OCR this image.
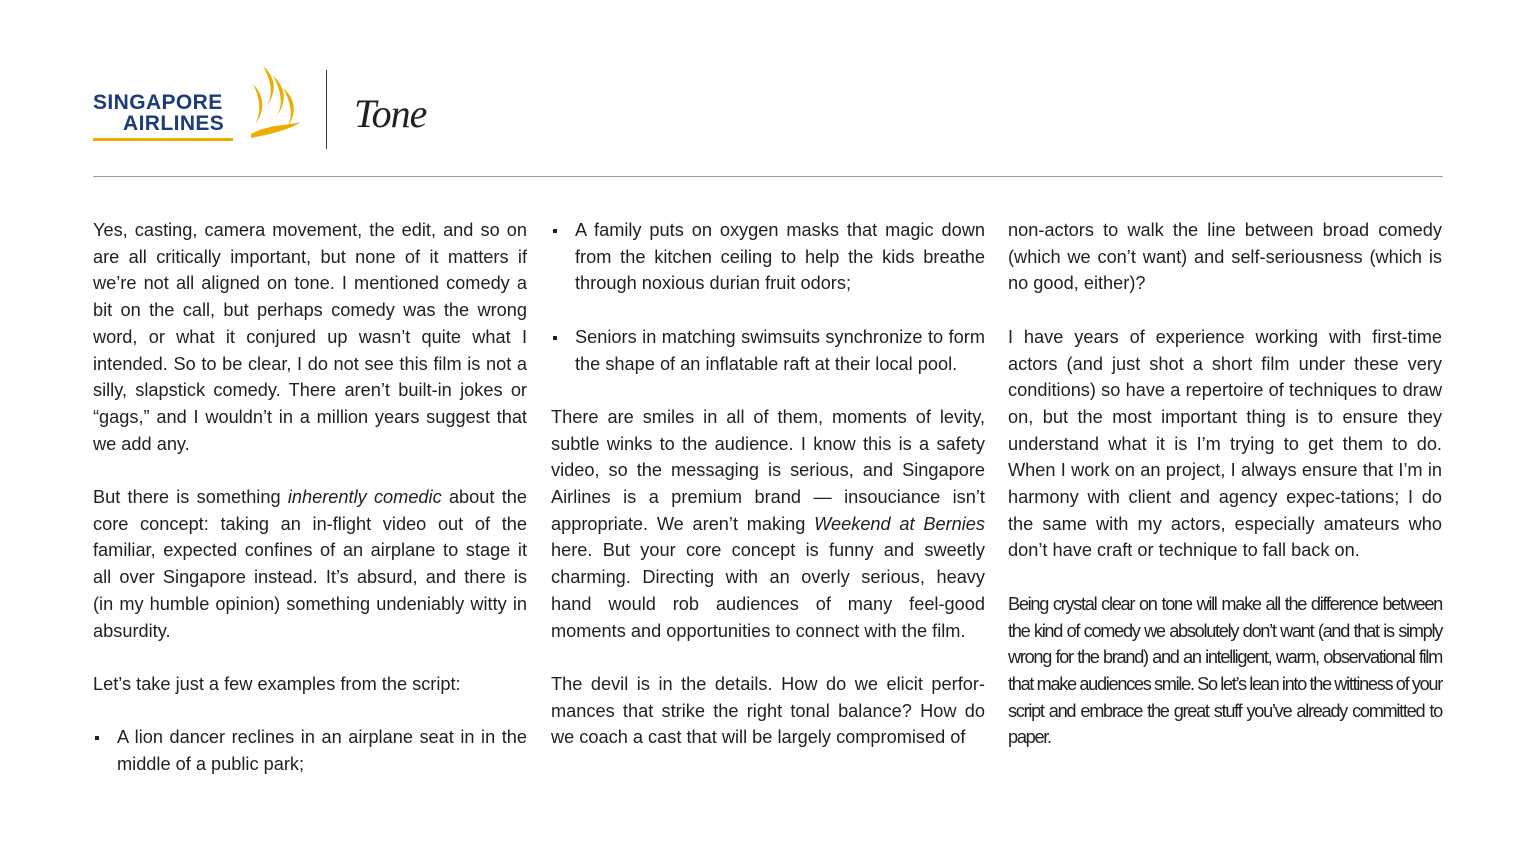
SINGAPORE
AIRLINES	Tone

Yes, casting, camera movement, the edit, and so on are all critically important, but none of it matters if we’re not all aligned on tone. I mentioned comedy a bit on the call, but perhaps comedy was the wrong word, or what it conjured up wasn’t quite what I intended. So to be clear, I do not see this film is not a silly, slapstick comedy. There aren’t built-in jokes or “gags,” and I wouldn’t in a million years suggest that we add any.

But there is something inherently comedic about the core concept: taking an in-flight video out of the familiar, expected confines of an airplane to stage it all over Singapore instead. It’s absurd, and there is (in my humble opinion) something undeniably witty in absurdity.

Let’s take just a few examples from the script:

A lion dancer reclines in an airplane seat in in the middle of a public park;
A family puts on oxygen masks that magic down from the kitchen ceiling to help the kids breathe through noxious durian fruit odors;
Seniors in matching swimsuits synchronize to form the shape of an inflatable raft at their local pool.

There are smiles in all of them, moments of levity, subtle winks to the audience. I know this is a safety video, so the messaging is serious, and Singapore Airlines is a premium brand — insouciance isn’t appropriate. We aren’t making Weekend at Bernies here. But your core concept is funny and sweetly charming. Directing with an overly serious, heavy hand would rob audiences of many feel-good moments and opportunities to connect with the film.

The devil is in the details. How do we elicit perfor-mances that strike the right tonal balance? How do we coach a cast that will be largely compromised of

non-actors to walk the line between broad comedy (which we con’t want) and self-seriousness (which is no good, either)?

I have years of experience working with first-time actors (and just shot a short film under these very conditions) so have a repertoire of techniques to draw on, but the most important thing is to ensure they understand what it is I’m trying to get them to do. When I work on an project, I always ensure that I’m in harmony with client and agency expec-tations; I do the same with my actors, especially amateurs who don’t have craft or technique to fall back on.

Being crystal clear on tone will make all the difference between the kind of comedy we absolutely don’t want (and that is simply wrong for the brand) and an intelligent, warm, observational film that make audiences smile. So let’s lean into the wittiness of your script and embrace the great stuff you’ve already committed to paper.
